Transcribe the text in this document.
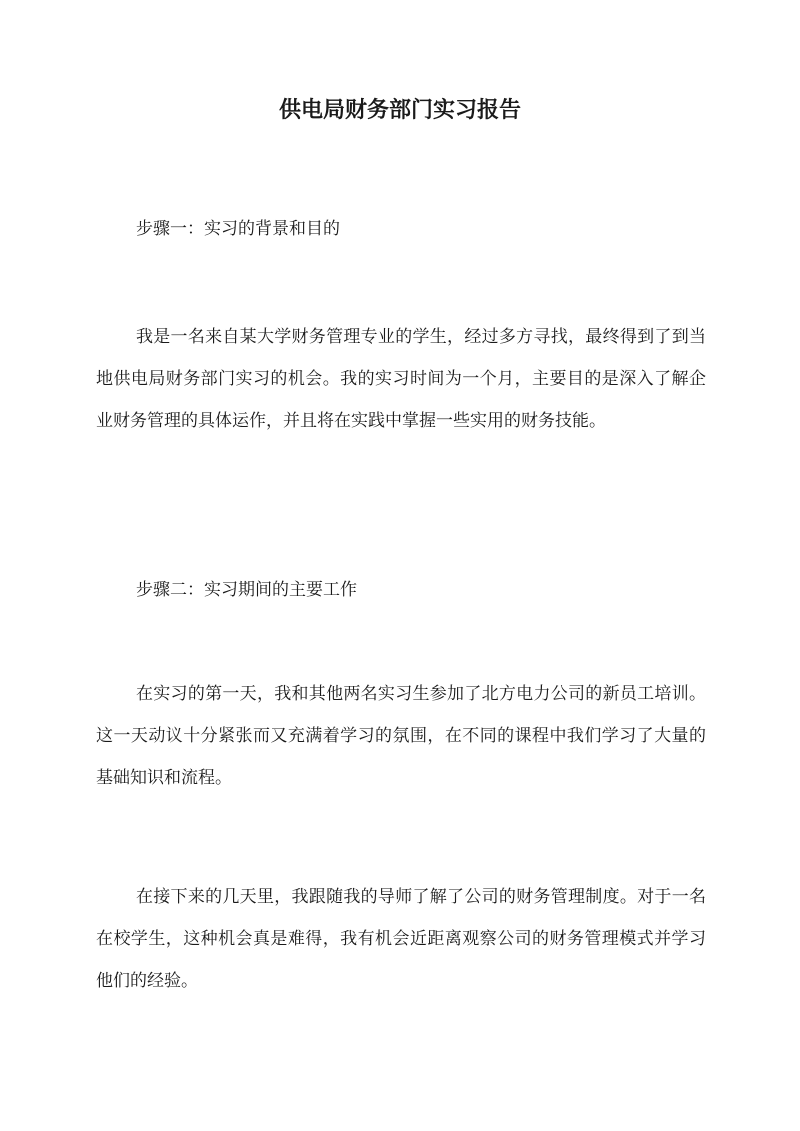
供电局财务部门实习报告

步骤一：实习的背景和目的

我是一名来自某大学财务管理专业的学生，经过多方寻找，最终得到了到当地供电局财务部门实习的机会。我的实习时间为一个月，主要目的是深入了解企业财务管理的具体运作，并且将在实践中掌握一些实用的财务技能。

步骤二：实习期间的主要工作

在实习的第一天，我和其他两名实习生参加了北方电力公司的新员工培训。这一天动议十分紧张而又充满着学习的氛围，在不同的课程中我们学习了大量的基础知识和流程。

在接下来的几天里，我跟随我的导师了解了公司的财务管理制度。对于一名在校学生，这种机会真是难得，我有机会近距离观察公司的财务管理模式并学习他们的经验。
